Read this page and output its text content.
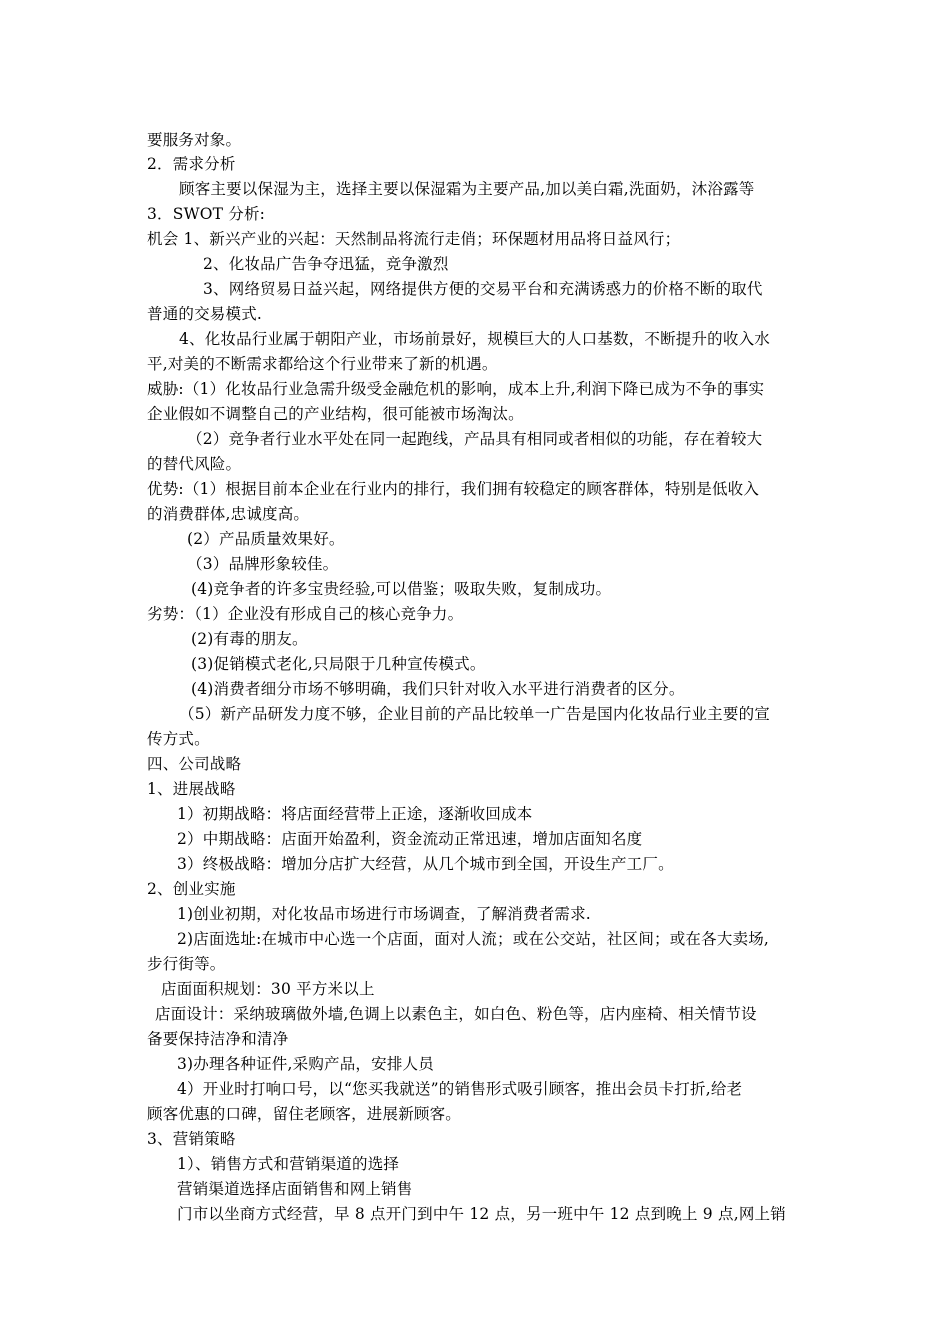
要服务对象。
2．需求分析
顾客主要以保湿为主，选择主要以保湿霜为主要产品,加以美白霜,洗面奶，沐浴露等
3．SWOT 分析:
机会 1、新兴产业的兴起：天然制品将流行走俏；环保题材用品将日益风行；
2、化妆品广告争夺迅猛，竞争激烈
3、网络贸易日益兴起，网络提供方便的交易平台和充满诱惑力的价格不断的取代
普通的交易模式.
4、化妆品行业属于朝阳产业，市场前景好，规模巨大的人口基数，不断提升的收入水
平,对美的不断需求都给这个行业带来了新的机遇。
威胁:（1）化妆品行业急需升级受金融危机的影响，成本上升,利润下降已成为不争的事实
企业假如不调整自己的产业结构，很可能被市场淘汰。
（2）竞争者行业水平处在同一起跑线，产品具有相同或者相似的功能，存在着较大
的替代风险。
优势:（1）根据目前本企业在行业内的排行，我们拥有较稳定的顾客群体，特别是低收入
的消费群体,忠诚度高。
(2）产品质量效果好。
（3）品牌形象较佳。
(4)竞争者的许多宝贵经验,可以借鉴；吸取失败，复制成功。
劣势：（1）企业没有形成自己的核心竞争力。
(2)有毒的朋友。
(3)促销模式老化,只局限于几种宣传模式。
(4)消费者细分市场不够明确，我们只针对收入水平进行消费者的区分。
（5）新产品研发力度不够，企业目前的产品比较单一广告是国内化妆品行业主要的宣
传方式。
四、公司战略
1、进展战略
1）初期战略：将店面经营带上正途，逐渐收回成本
2）中期战略：店面开始盈利，资金流动正常迅速，增加店面知名度
3）终极战略：增加分店扩大经营，从几个城市到全国，开设生产工厂。
2、创业实施
1)创业初期，对化妆品市场进行市场调查，了解消费者需求.
2)店面选址:在城市中心选一个店面，面对人流；或在公交站，社区间；或在各大卖场,
步行街等。
店面面积规划：30 平方米以上
店面设计：采纳玻璃做外墙,色调上以素色主，如白色、粉色等，店内座椅、相关情节设
备要保持洁净和清净
3)办理各种证件,采购产品，安排人员
4）开业时打响口号，以“您买我就送”的销售形式吸引顾客，推出会员卡打折,给老
顾客优惠的口碑，留住老顾客，进展新顾客。
3、营销策略
1）、销售方式和营销渠道的选择
营销渠道选择店面销售和网上销售
门市以坐商方式经营，早 8 点开门到中午 12 点，另一班中午 12 点到晚上 9 点,网上销
